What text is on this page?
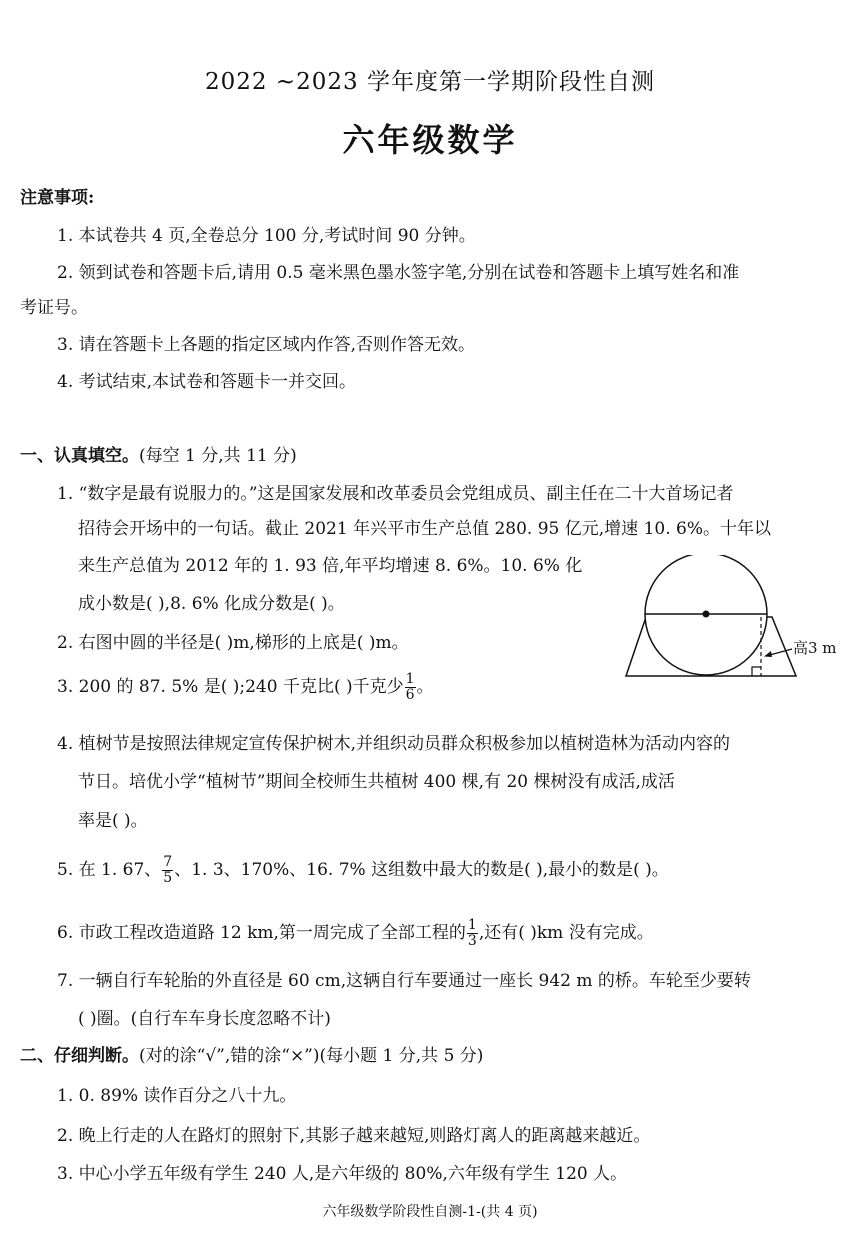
2022 ~2023 学年度第一学期阶段性自测
六年级数学
注意事项:
1. 本试卷共 4 页,全卷总分 100 分,考试时间 90 分钟。
2. 领到试卷和答题卡后,请用 0.5 毫米黑色墨水签字笔,分别在试卷和答题卡上填写姓名和准
考证号。
3. 请在答题卡上各题的指定区域内作答,否则作答无效。
4. 考试结束,本试卷和答题卡一并交回。
一、认真填空。(每空 1 分,共 11 分)
1. “数字是最有说服力的。”这是国家发展和改革委员会党组成员、副主任在二十大首场记者
招待会开场中的一句话。截止 2021 年兴平市生产总值 280. 95 亿元,增速 10. 6%。十年以
来生产总值为 2012 年的 1. 93 倍,年平均增速 8. 6%。10. 6% 化
成小数是( ),8. 6% 化成分数是( )。
2. 右图中圆的半径是( )m,梯形的上底是( )m。
3. 200 的 87. 5% 是( );240 千克比( )千克少 $\frac{1}{6}$ 。
高3 m
4. 植树节是按照法律规定宣传保护树木,并组织动员群众积极参加以植树造林为活动内容的
节日。培优小学“植树节”期间全校师生共植树 400 棵,有 20 棵树没有成活,成活
率是( )。
5. 在 1. 67、 $\frac{7}{5}$ 、1. 3、170%、16. 7% 这组数中最大的数是( ),最小的数是( )。
6. 市政工程改造道路 12 km,第一周完成了全部工程的 $\frac{1}{3}$ ,还有( )km 没有完成。
7. 一辆自行车轮胎的外直径是 60 cm,这辆自行车要通过一座长 942 m 的桥。车轮至少要转
( )圈。(自行车车身长度忽略不计)
二、仔细判断。(对的涂“√”,错的涂“×”)(每小题 1 分,共 5 分)
1. 0. 89% 读作百分之八十九。
2. 晚上行走的人在路灯的照射下,其影子越来越短,则路灯离人的距离越来越近。
3. 中心小学五年级有学生 240 人,是六年级的 80%,六年级有学生 120 人。
六年级数学阶段性自测-1-(共 4 页)
